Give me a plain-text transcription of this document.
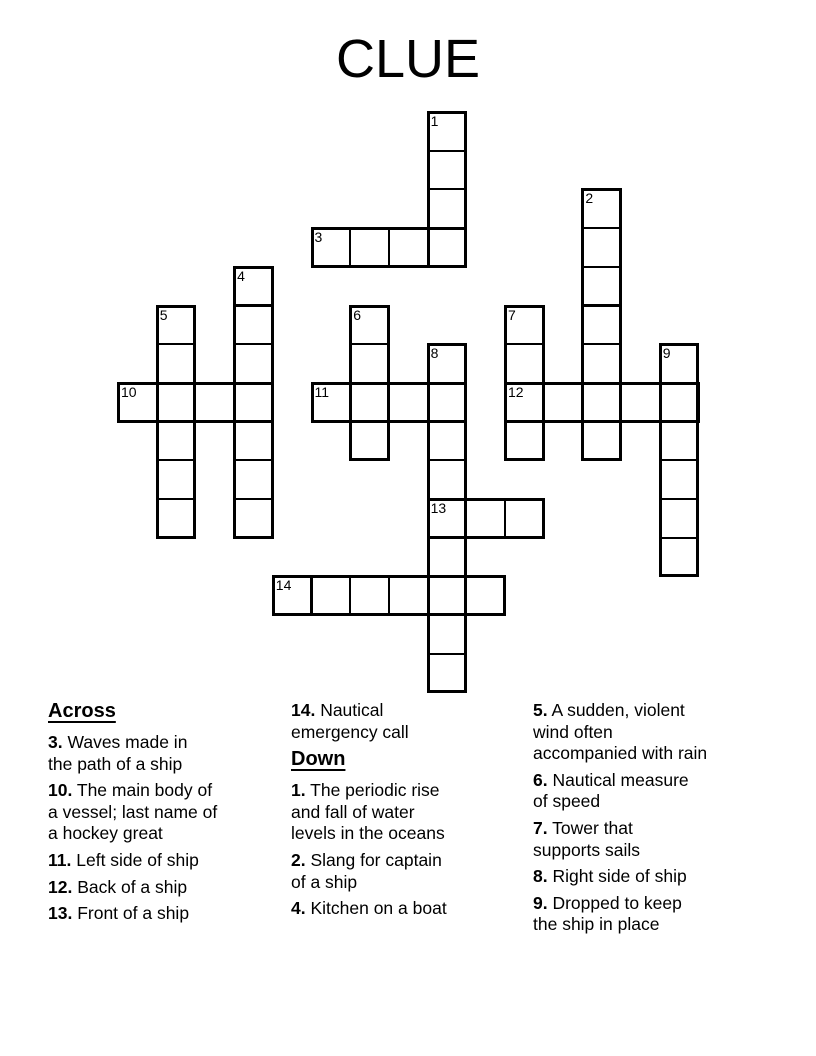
CLUE
1
2
3
4
5	6	7
8	9
10	11	12
13
14
Across

3. Waves made in
the path of a ship

10. The main body of
a vessel; last name of
a hockey great

11. Left side of ship

12. Back of a ship

13. Front of a ship

14. Nautical
emergency call

Down

1. The periodic rise
and fall of water
levels in the oceans

2. Slang for captain
of a ship

4. Kitchen on a boat

5. A sudden, violent
wind often
accompanied with rain

6. Nautical measure
of speed

7. Tower that
supports sails

8. Right side of ship

9. Dropped to keep
the ship in place
